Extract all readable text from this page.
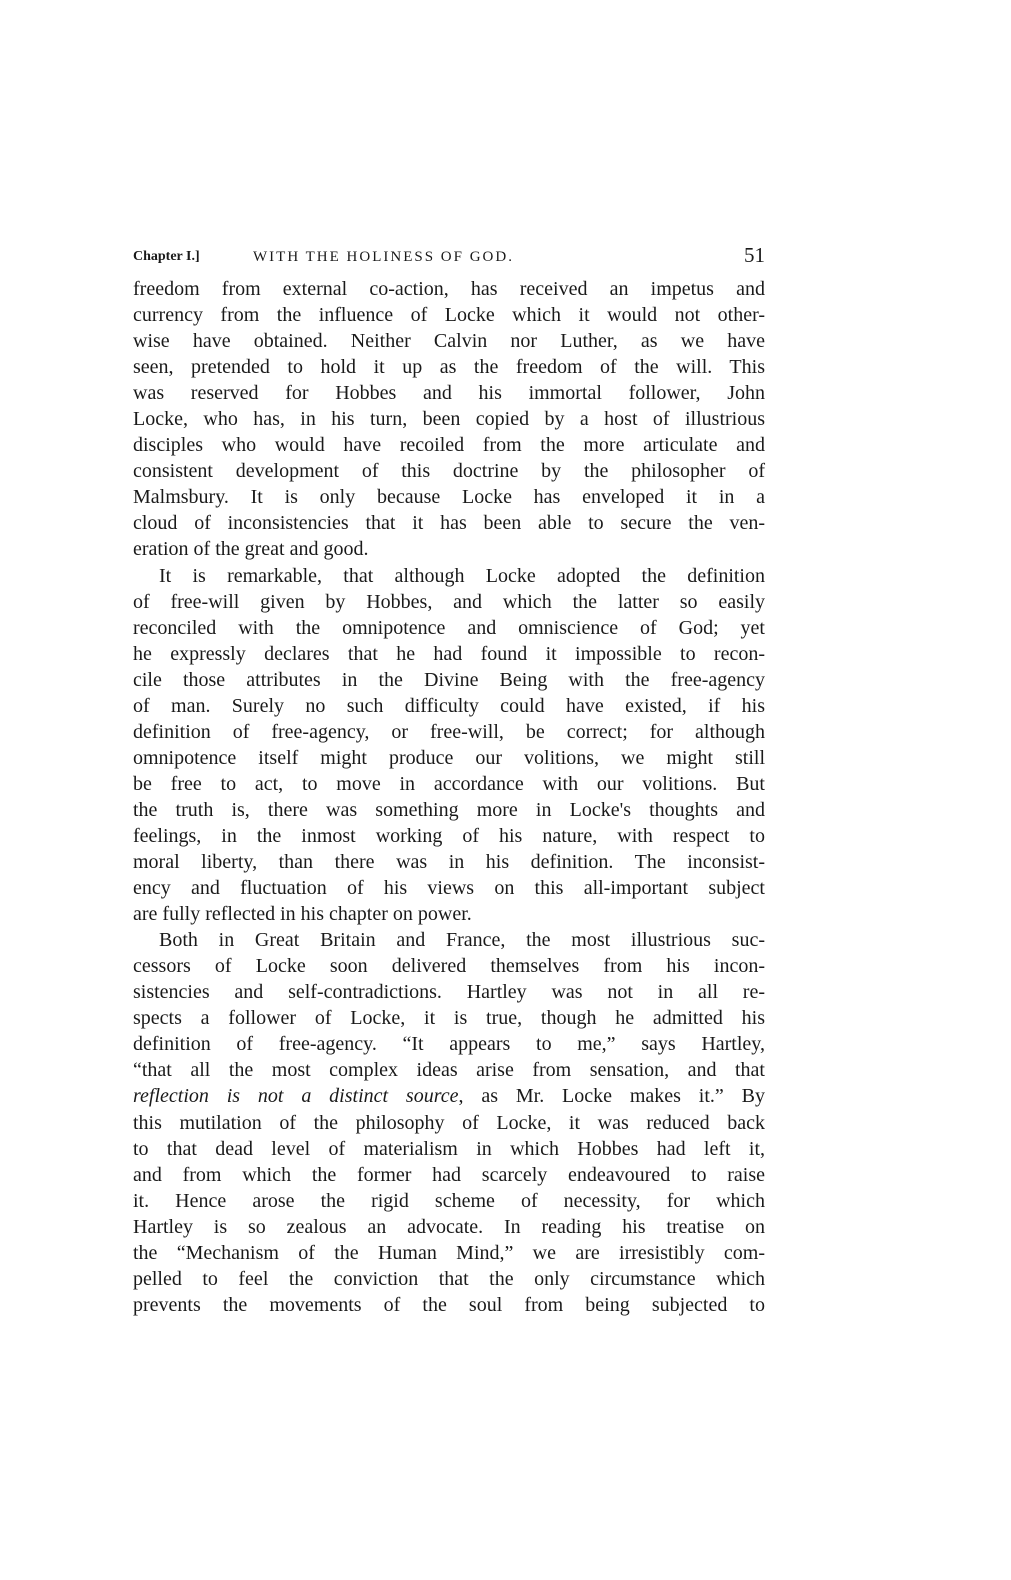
Chapter I.]	WITH THE HOLINESS OF GOD.	51
freedom from external co-action, has received an impetus and
currency from the influence of Locke which it would not other-
wise have obtained. Neither Calvin nor Luther, as we have
seen, pretended to hold it up as the freedom of the will. This
was reserved for Hobbes and his immortal follower, John
Locke, who has, in his turn, been copied by a host of illustrious
disciples who would have recoiled from the more articulate and
consistent development of this doctrine by the philosopher of
Malmsbury. It is only because Locke has enveloped it in a
cloud of inconsistencies that it has been able to secure the ven-
eration of the great and good.
It is remarkable, that although Locke adopted the definition
of free-will given by Hobbes, and which the latter so easily
reconciled with the omnipotence and omniscience of God; yet
he expressly declares that he had found it impossible to recon-
cile those attributes in the Divine Being with the free-agency
of man. Surely no such difficulty could have existed, if his
definition of free-agency, or free-will, be correct; for although
omnipotence itself might produce our volitions, we might still
be free to act, to move in accordance with our volitions. But
the truth is, there was something more in Locke's thoughts and
feelings, in the inmost working of his nature, with respect to
moral liberty, than there was in his definition. The inconsist-
ency and fluctuation of his views on this all-important subject
are fully reflected in his chapter on power.
Both in Great Britain and France, the most illustrious suc-
cessors of Locke soon delivered themselves from his incon-
sistencies and self-contradictions. Hartley was not in all re-
spects a follower of Locke, it is true, though he admitted his
definition of free-agency. “It appears to me,” says Hartley,
“that all the most complex ideas arise from sensation, and that
reflection is not a distinct source, as Mr. Locke makes it.” By
this mutilation of the philosophy of Locke, it was reduced back
to that dead level of materialism in which Hobbes had left it,
and from which the former had scarcely endeavoured to raise
it. Hence arose the rigid scheme of necessity, for which
Hartley is so zealous an advocate. In reading his treatise on
the “Mechanism of the Human Mind,” we are irresistibly com-
pelled to feel the conviction that the only circumstance which
prevents the movements of the soul from being subjected to
